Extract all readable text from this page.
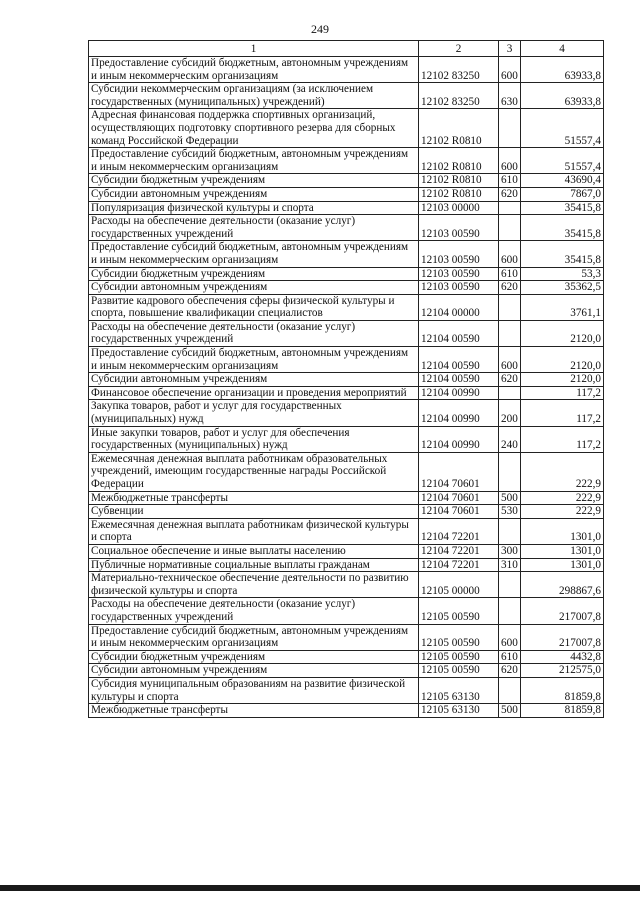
249
1	2	3	4
Предоставление субсидий бюджетным, автономным учреждениям и иным некоммерческим организациям	12102 83250	600	63933,8
Субсидии некоммерческим организациям (за исключением государственных (муниципальных) учреждений)	12102 83250	630	63933,8
Адресная финансовая поддержка спортивных организаций, осуществляющих подготовку спортивного резерва для сборных команд Российской Федерации	12102 R0810		51557,4
Предоставление субсидий бюджетным, автономным учреждениям и иным некоммерческим организациям	12102 R0810	600	51557,4
Субсидии бюджетным учреждениям	12102 R0810	610	43690,4
Субсидии автономным учреждениям	12102 R0810	620	7867,0
Популяризация физической культуры и спорта	12103 00000		35415,8
Расходы на обеспечение деятельности (оказание услуг) государственных учреждений	12103 00590		35415,8
Предоставление субсидий бюджетным, автономным учреждениям и иным некоммерческим организациям	12103 00590	600	35415,8
Субсидии бюджетным учреждениям	12103 00590	610	53,3
Субсидии автономным учреждениям	12103 00590	620	35362,5
Развитие кадрового обеспечения сферы физической культуры и спорта, повышение квалификации специалистов	12104 00000		3761,1
Расходы на обеспечение деятельности (оказание услуг) государственных учреждений	12104 00590		2120,0
Предоставление субсидий бюджетным, автономным учреждениям и иным некоммерческим организациям	12104 00590	600	2120,0
Субсидии автономным учреждениям	12104 00590	620	2120,0
Финансовое обеспечение организации и проведения мероприятий	12104 00990		117,2
Закупка товаров, работ и услуг для государственных (муниципальных) нужд	12104 00990	200	117,2
Иные закупки товаров, работ и услуг для обеспечения государственных (муниципальных) нужд	12104 00990	240	117,2
Ежемесячная денежная выплата работникам образовательных учреждений, имеющим государственные награды Российской Федерации	12104 70601		222,9
Межбюджетные трансферты	12104 70601	500	222,9
Субвенции	12104 70601	530	222,9
Ежемесячная денежная выплата работникам физической культуры и спорта	12104 72201		1301,0
Социальное обеспечение и иные выплаты населению	12104 72201	300	1301,0
Публичные нормативные социальные выплаты гражданам	12104 72201	310	1301,0
Материально-техническое обеспечение деятельности по развитию физической культуры и спорта	12105 00000		298867,6
Расходы на обеспечение деятельности (оказание услуг) государственных учреждений	12105 00590		217007,8
Предоставление субсидий бюджетным, автономным учреждениям и иным некоммерческим организациям	12105 00590	600	217007,8
Субсидии бюджетным учреждениям	12105 00590	610	4432,8
Субсидии автономным учреждениям	12105 00590	620	212575,0
Субсидия муниципальным образованиям на развитие физической культуры и спорта	12105 63130		81859,8
Межбюджетные трансферты	12105 63130	500	81859,8
